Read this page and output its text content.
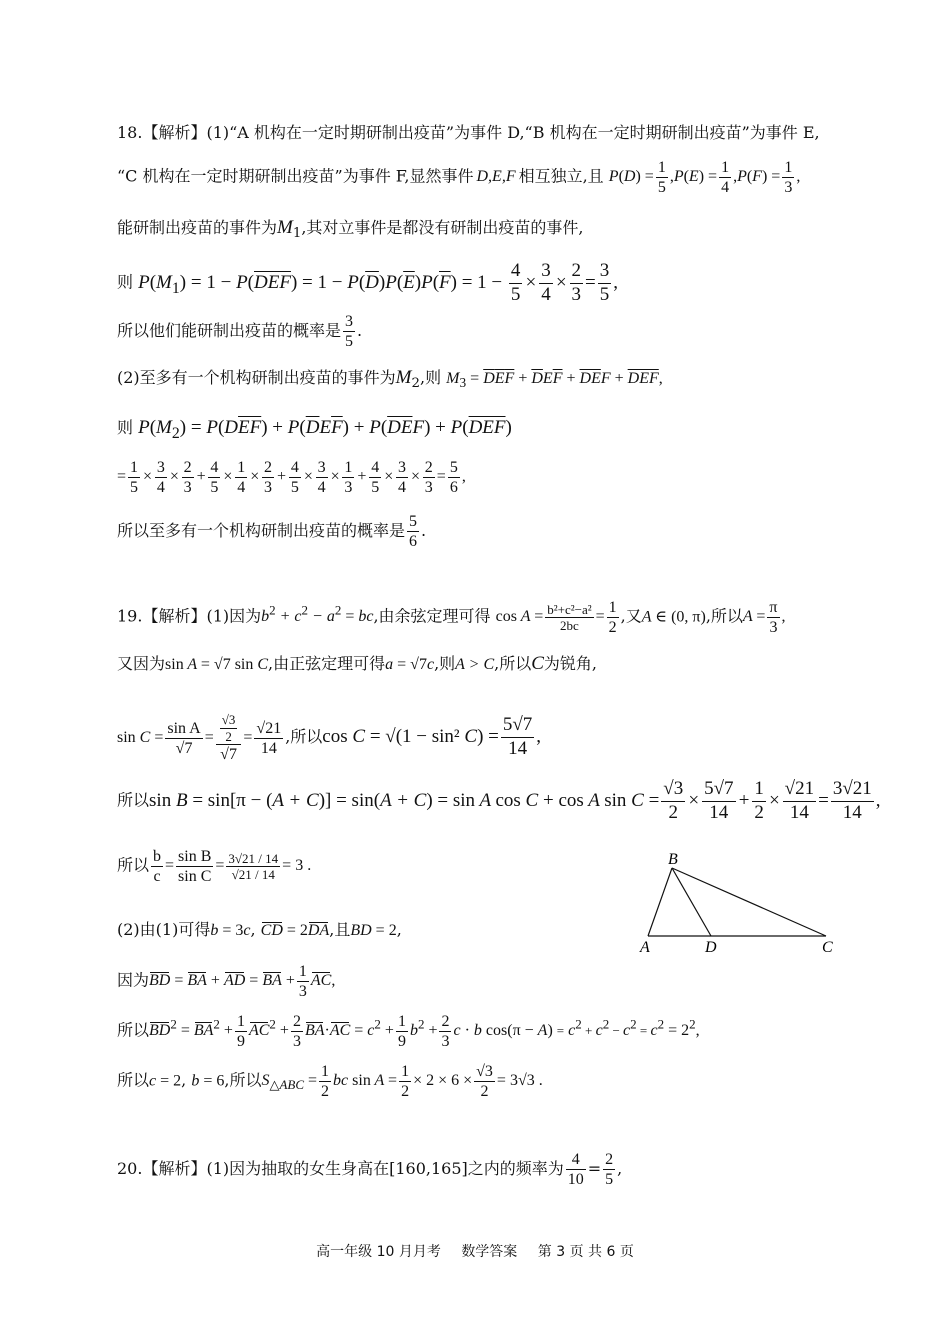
18.【解析】(1)“A 机构在一定时期研制出疫苗”为事件 D,“B 机构在一定时期研制出疫苗”为事件 E,
“C 机构在一定时期研制出疫苗”为事件 F,显然事件 D,E,F 相互独立,且 $P(D) = \frac{1}{5} ,P(E) = \frac{1}{4} ,P(F) = \frac{1}{3}$ ,
能研制出疫苗的事件为$M_1$,其对立事件是都没有研制出疫苗的事件,
则 $P(M_1) = 1 - P(\overline{DEF}) = 1 - P(\overline{D})P(\overline{E})P(\overline{F}) = 1 - \frac{4}{5} \times \frac{3}{4} \times \frac{2}{3} = \frac{3}{5}$ ,
所以他们能研制出疫苗的概率是 $\frac{3}{5}$ .
(2)至多有一个机构研制出疫苗的事件为$M_2$,则 $M_3 = \overline{D}\overline{E}\overline{F} + \overline{D}E\overline{F} + \overline{DE}F + \overline{DEF}$,
则 $P(M_2) = P(D\overline{EF}) + P(\overline{D}E\overline{F}) + P(\overline{DE}F) + P(\overline{DEF})$
= $\frac{1}{5} \times \frac{3}{4} \times \frac{2}{3} + \frac{4}{5} \times \frac{1}{4} \times \frac{2}{3} + \frac{4}{5} \times \frac{3}{4} \times \frac{1}{3} + \frac{4}{5} \times \frac{3}{4} \times \frac{2}{3} = \frac{5}{6}$ ,
所以至多有一个机构研制出疫苗的概率是 $\frac{5}{6}$ .
19.【解析】(1)因为$b^2 + c^2 - a^2$ = bc,由余弦定理可得 $\cos A = \frac{\text{b²+c²−a²}}{2bc} = \frac{1}{2}$ ,又A ∈ (0, π),所以$A = \frac{\pi}{3}$ ,
又因为sin A = √7 sin C,由正弦定理可得a = √7c,则A > C,所以C为锐角,
$\sin C = \frac{\text{sin A}}{√7} = \frac{\frac{√3}{2}}{√7} = \frac{√21}{14}$ ,所以cos C = √(1 − sin² $C) = \frac{5√7}{14}$ ,
所以sin B = sin[π − (A + C)] = sin(A + C) = sin A cos C + cos A $\sin C = \frac{√3}{2} \times \frac{5√7}{14} + \frac{1}{2} \times \frac{√21}{14} = \frac{3√21}{14}$ ,
所以 $\frac{b}{c} = \frac{\text{sin B}}{\text{sin C}} = \frac{3√21 / 14}{√21 / 14} = 3$ .
(2)由(1)可得b = 3c, CD = 2DA,且BD = 2,
因为BD = BA + AD = BA + $\frac{1}{3}$ AC,
所以$BD^2 = BA^2 + \frac{1}{9} AC^2 + \frac{2}{3} BA\cdot AC = c^2 + \frac{1}{9} b^2 + \frac{2}{3}$ c · b $\cos(\pi - A) = c^2 + c^2 - c^2 = c^2 = 2^2$,
所以c = 2, b = 6,所以$S_{\triangle ABC} = \frac{1}{2}$ bc $\sin A = \frac{1}{2} \times 2 \times 6 \times \frac{√3}{2} = 3√3$ .
B
A	D	C
20.【解析】(1)因为抽取的女生身高在[160,165]之内的频率为 $\frac{4}{10} = \frac{2}{5}$ ,
高一年级 10 月月考 数学答案 第 3 页 共 6 页
